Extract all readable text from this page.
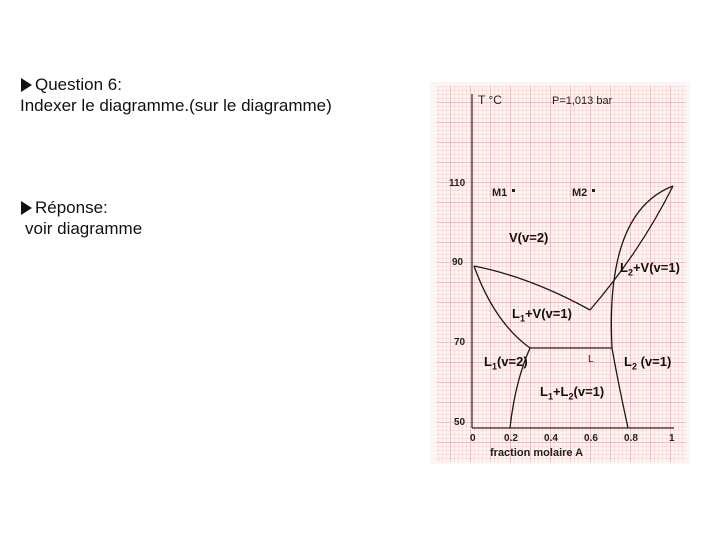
Question 6:
Indexer le diagramme.(sur le diagramme)
Réponse:
voir diagramme
T °C	P=1,013 bar
fraction molaire A
110
90
70
50
0	0.2	0.4	0.6	0.8	1
M1	M2
L
V(v=2)
$L_2+V(v=1)$
$L_1+V(v=1)$
$L_1(v=2)$	$L_2$ (v=1)
$L_1+L_2(v=1)$
